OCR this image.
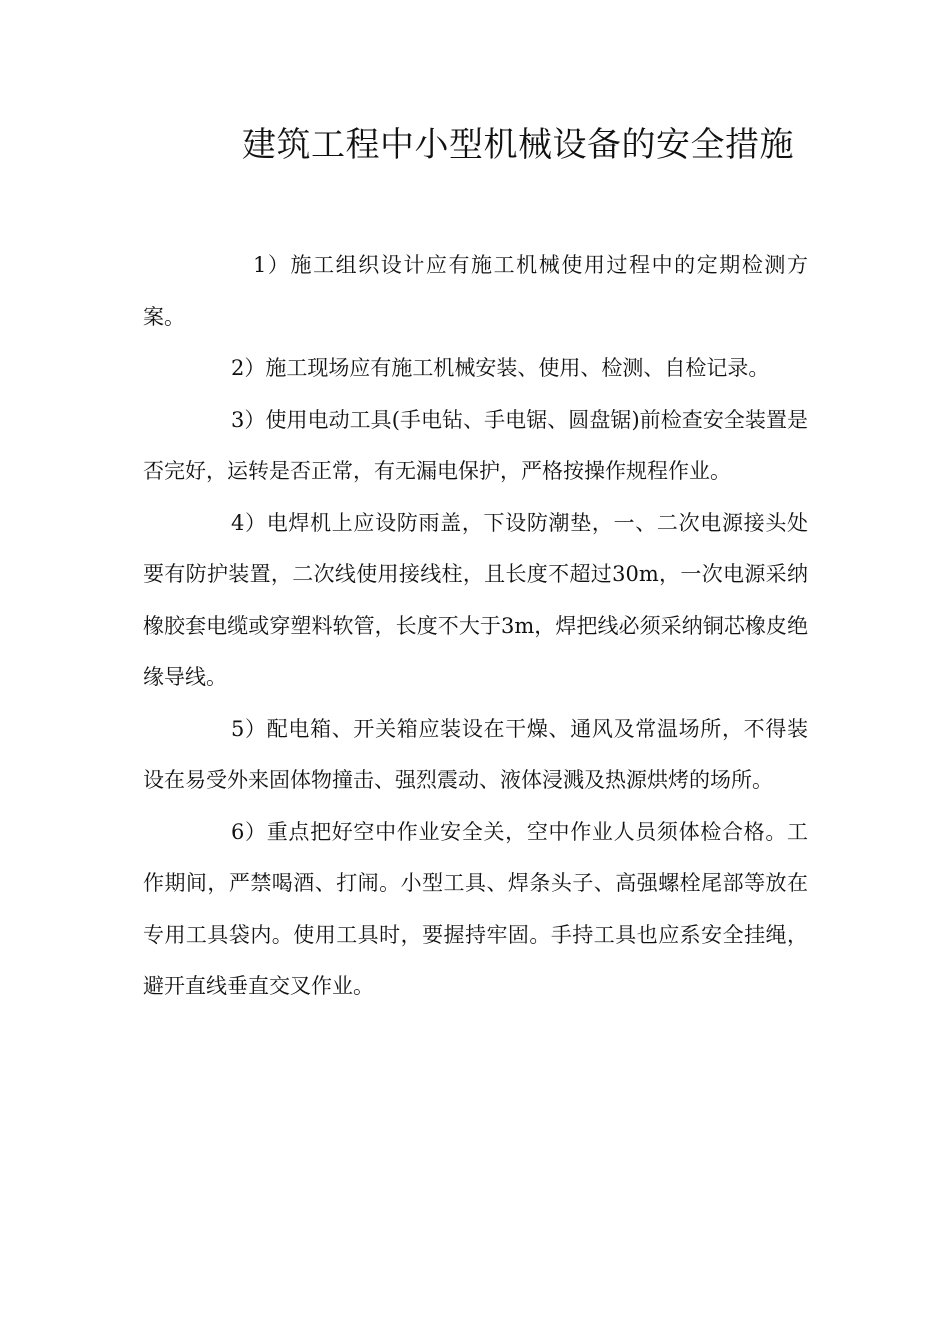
建筑工程中小型机械设备的安全措施

1）施工组织设计应有施工机械使用过程中的定期检测方案。

2）施工现场应有施工机械安装、使用、检测、自检记录。

3）使用电动工具(手电钻、手电锯、圆盘锯)前检查安全装置是否完好，运转是否正常，有无漏电保护，严格按操作规程作业。

4）电焊机上应设防雨盖，下设防潮垫，一、二次电源接头处要有防护装置，二次线使用接线柱，且长度不超过30m，一次电源采纳橡胶套电缆或穿塑料软管，长度不大于3m，焊把线必须采纳铜芯橡皮绝缘导线。

5）配电箱、开关箱应装设在干燥、通风及常温场所，不得装设在易受外来固体物撞击、强烈震动、液体浸溅及热源烘烤的场所。

6）重点把好空中作业安全关，空中作业人员须体检合格。工作期间，严禁喝酒、打闹。小型工具、焊条头子、高强螺栓尾部等放在专用工具袋内。使用工具时，要握持牢固。手持工具也应系安全挂绳，避开直线垂直交叉作业。
